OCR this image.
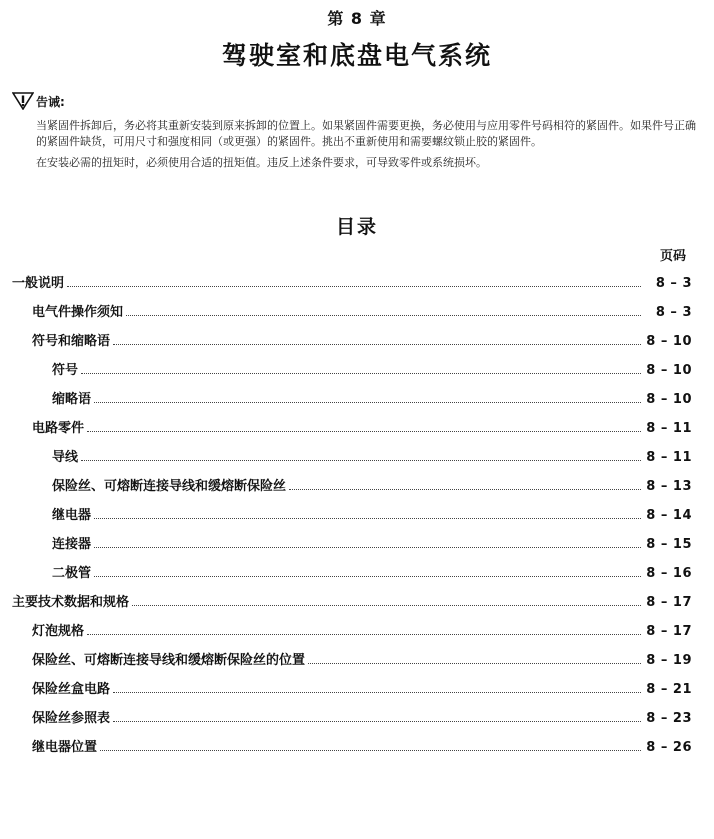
第 8 章
驾驶室和底盘电气系统
告诫:

当紧固件拆卸后，务必将其重新安装到原来拆卸的位置上。如果紧固件需要更换，务必使用与应用零件号码相符的紧固件。如果件号正确的紧固件缺货，可用尺寸和强度相同（或更强）的紧固件。挑出不重新使用和需要螺纹锁止胶的紧固件。

在安装必需的扭矩时，必须使用合适的扭矩值。违反上述条件要求，可导致零件或系统损坏。

目录
页码
一般说明	8 – 3
电气件操作须知	8 – 3
符号和缩略语	8 – 10
符号	8 – 10
缩略语	8 – 10
电路零件	8 – 11
导线	8 – 11
保险丝、可熔断连接导线和缓熔断保险丝	8 – 13
继电器	8 – 14
连接器	8 – 15
二极管	8 – 16
主要技术数据和规格	8 – 17
灯泡规格	8 – 17
保险丝、可熔断连接导线和缓熔断保险丝的位置	8 – 19
保险丝盒电路	8 – 21
保险丝参照表	8 – 23
继电器位置	8 – 26
